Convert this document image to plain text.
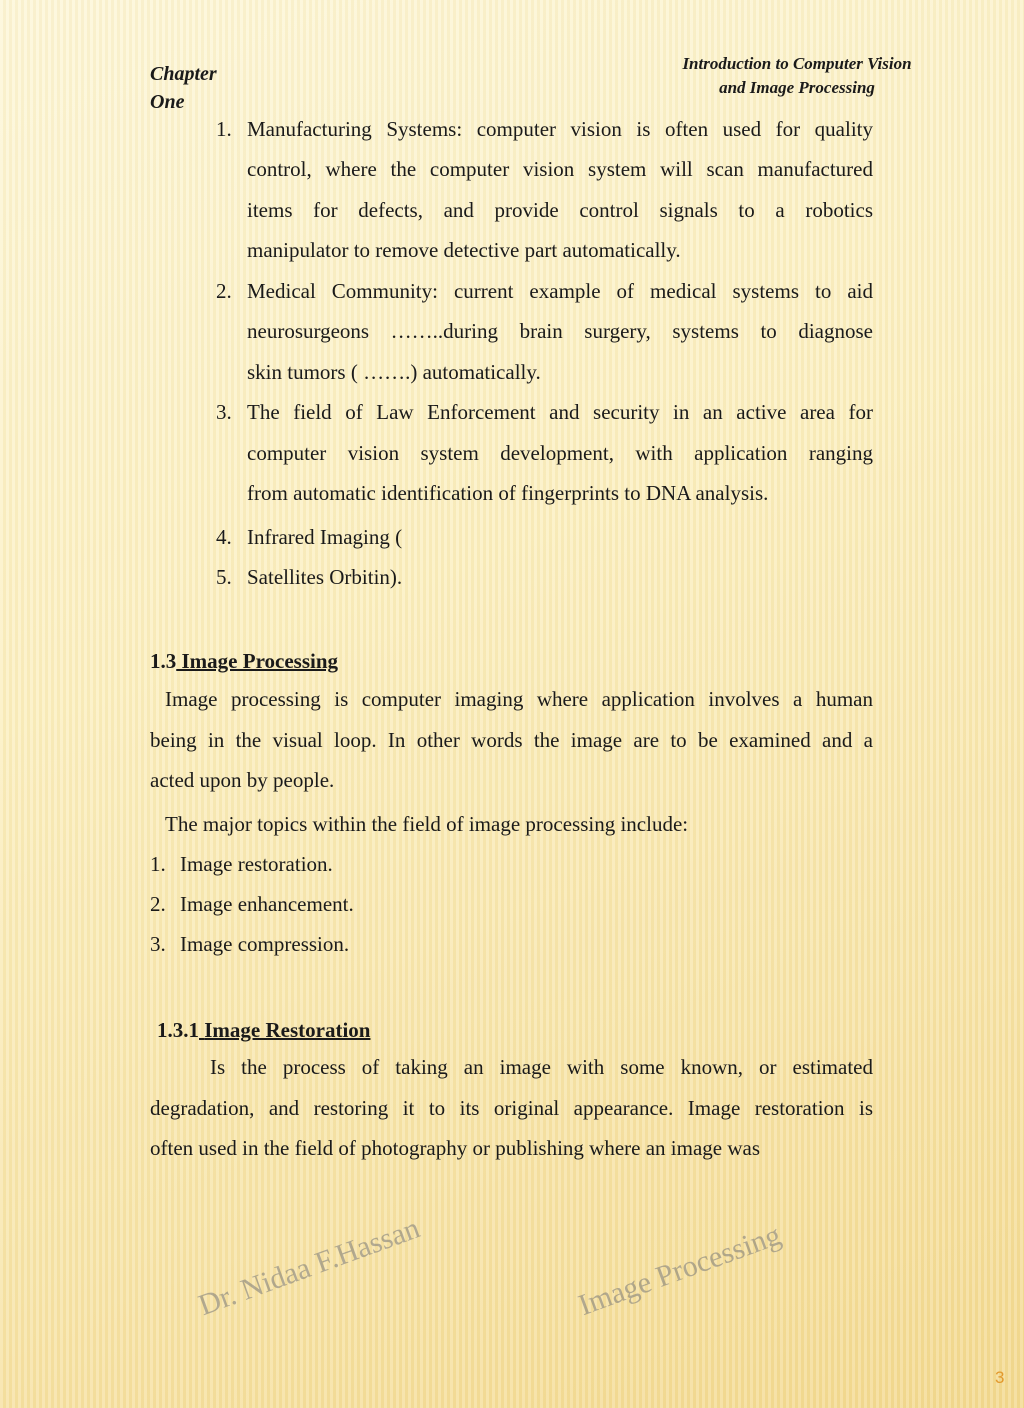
Chapter
One
Introduction to Computer Vision
and Image Processing
Dr. Nidaa F.Hassan	Image Processing
1. Manufacturing Systems: computer vision is often used for quality
control, where the computer vision system will scan manufactured
items for defects, and provide control signals to a robotics
manipulator to remove detective part automatically.
2. Medical Community: current example of medical systems to aid
neurosurgeons ……..during brain surgery, systems to diagnose
skin tumors ( …….) automatically.
3. The field of Law Enforcement and security in an active area for
computer vision system development, with application ranging
from automatic identification of fingerprints to DNA analysis.
4. Infrared Imaging (
5. Satellites Orbitin).
1.3 Image Processing
Image processing is computer imaging where application involves a human
being in the visual loop. In other words the image are to be examined and a
acted upon by people.
The major topics within the field of image processing include:
1. Image restoration.
2. Image enhancement.
3. Image compression.
1.3.1 Image Restoration
Is the process of taking an image with some known, or estimated
degradation, and restoring it to its original appearance. Image restoration is
often used in the field of photography or publishing where an image was
3
